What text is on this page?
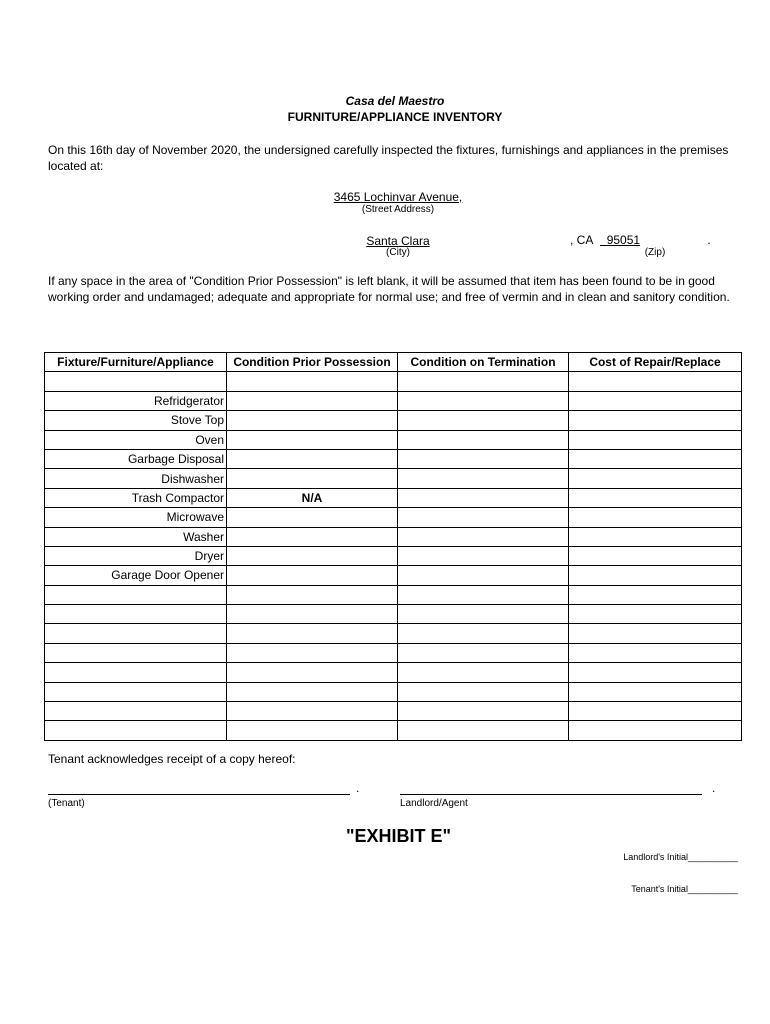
Casa del Maestro
FURNITURE/APPLIANCE INVENTORY
On this 16th day of November 2020, the undersigned carefully inspected the fixtures, furnishings and appliances in the premises located at:
3465 Lochinvar Avenue,
(Street Address)
Santa Clara
(City)
, CA 95051	.
(Zip)
If any space in the area of "Condition Prior Possession" is left blank, it will be assumed that item has been found to be in good working order and undamaged; adequate and appropriate for normal use; and free of vermin and in clean and sanitory condition.
Fixture/Furniture/Appliance	Condition Prior Possession	Condition on Termination	Cost of Repair/Replace

Refridgerator			
Stove Top			
Oven			
Garbage Disposal			
Dishwasher			
Trash Compactor	N/A		
Microwave			
Washer			
Dryer			
Garage Door Opener			

Tenant acknowledges receipt of a copy hereof:
.
(Tenant)
.
Landlord/Agent
"EXHIBIT E"
Landlord's Initial__________
Tenant's Initial__________
